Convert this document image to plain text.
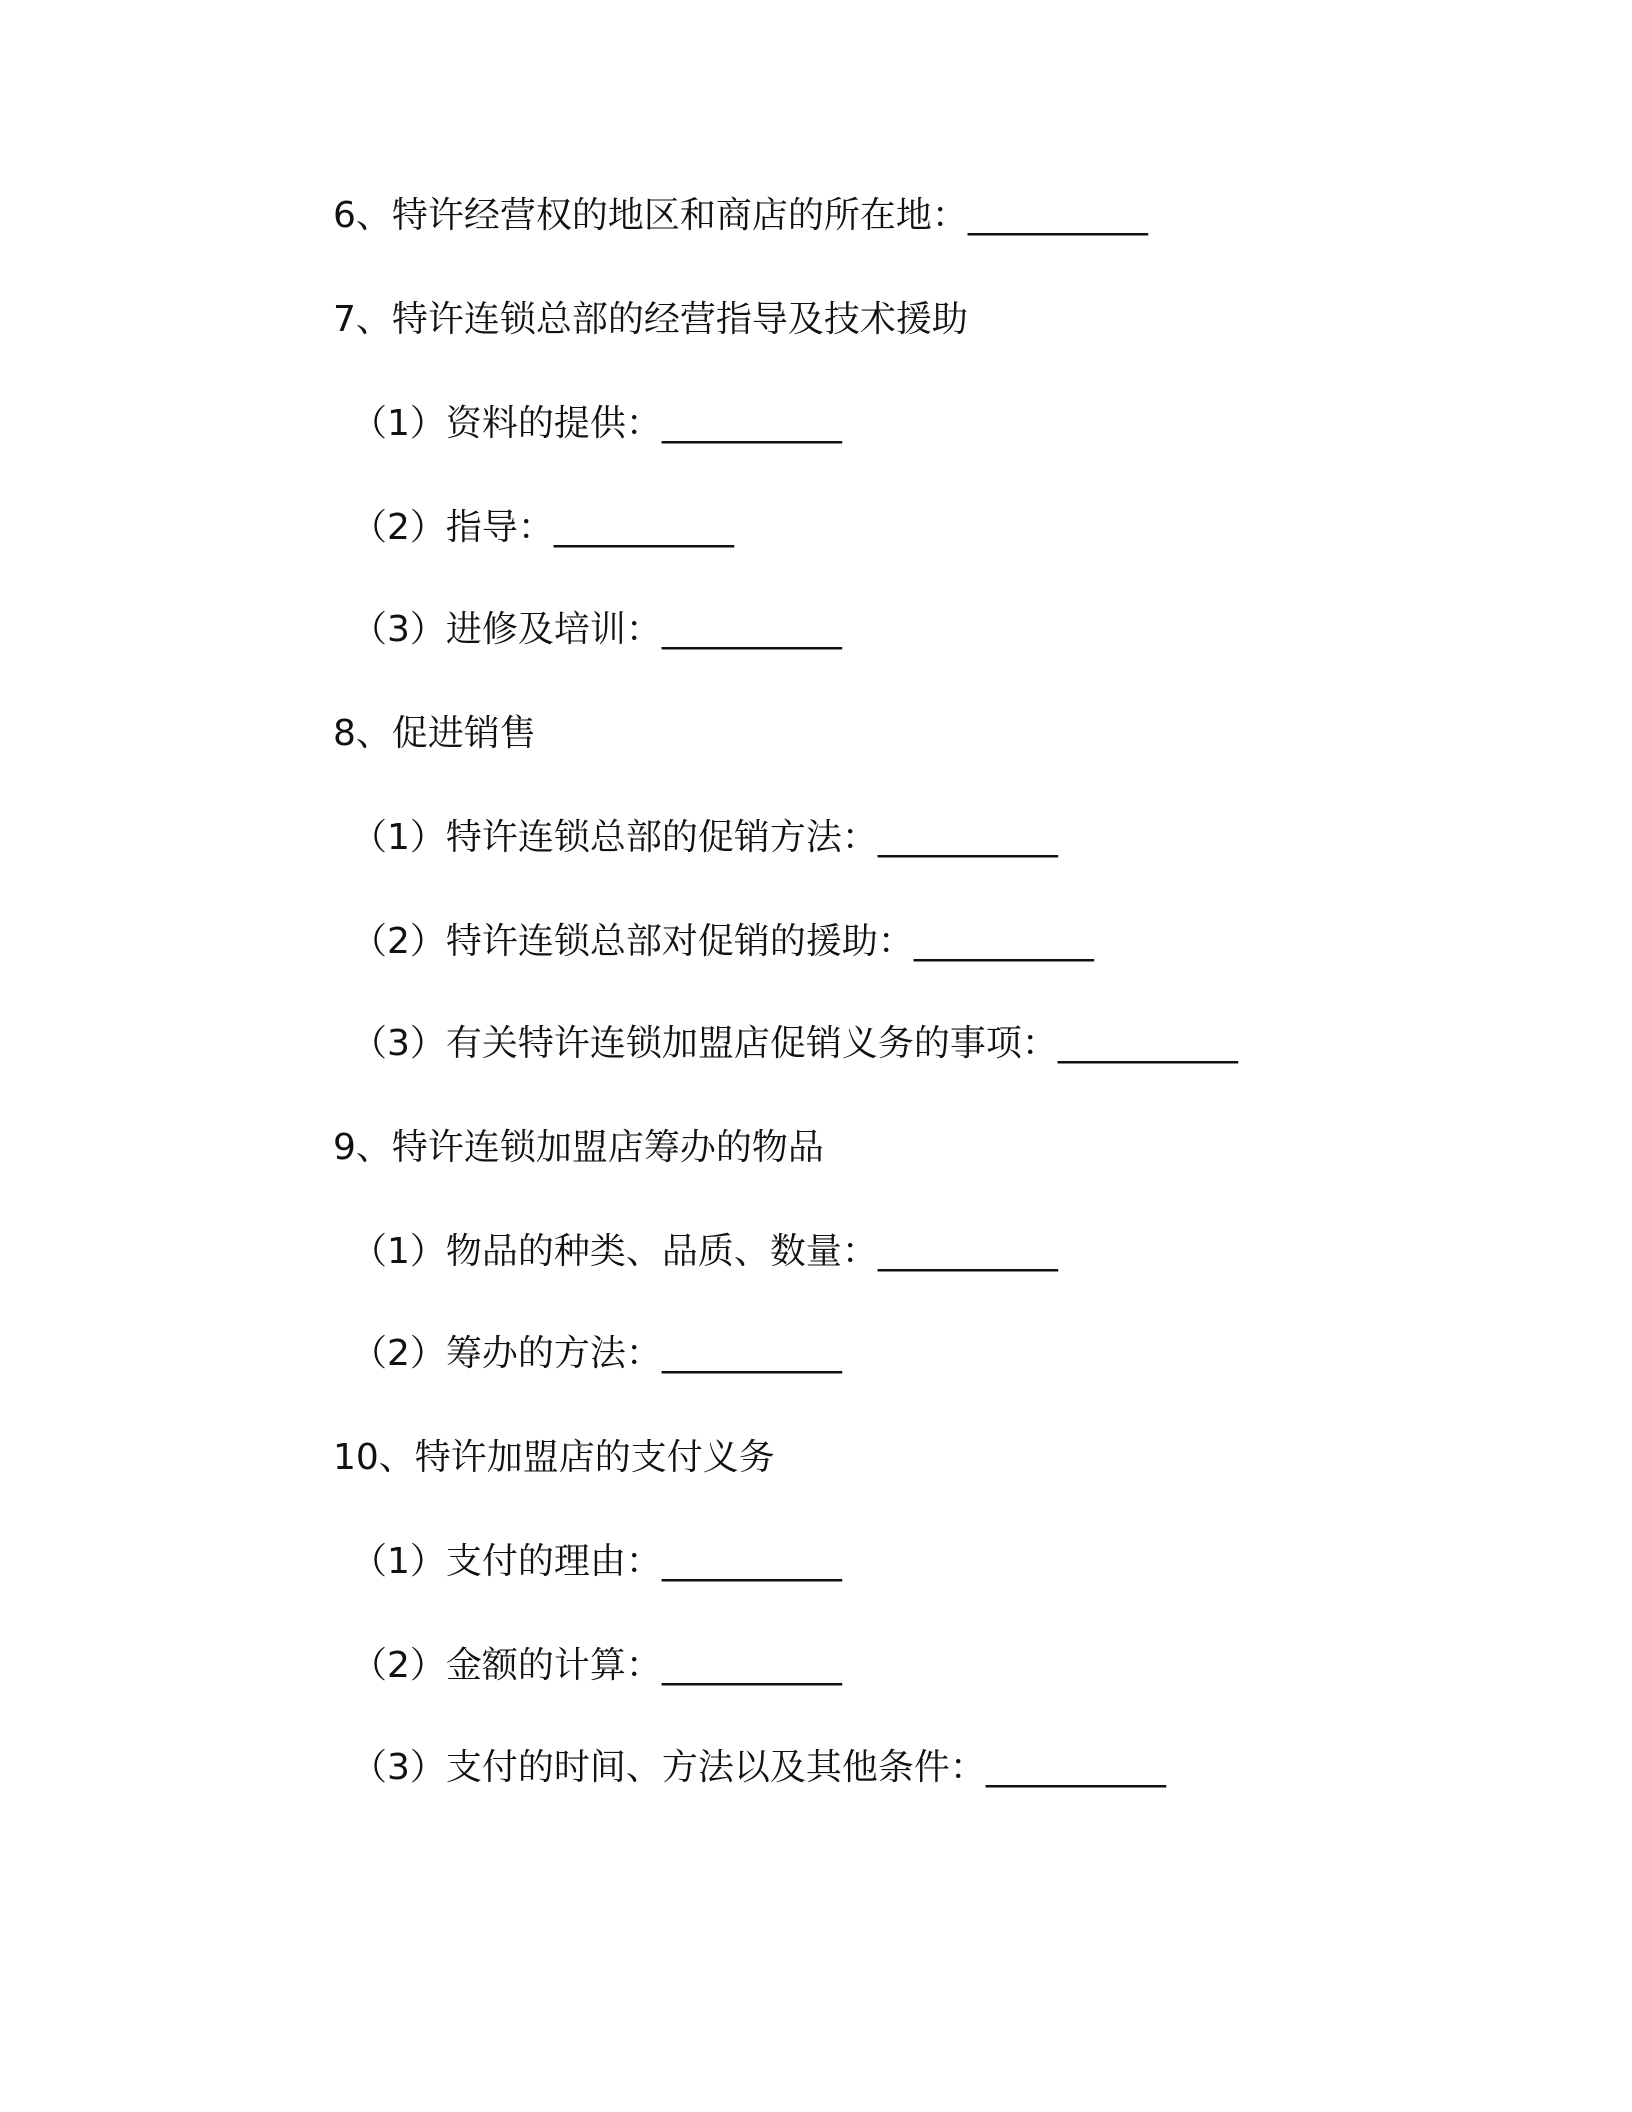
6、特许经营权的地区和商店的所在地：__________
7、特许连锁总部的经营指导及技术援助
（1）资料的提供：__________
（2）指导：__________
（3）进修及培训：__________
8、促进销售
（1）特许连锁总部的促销方法：__________
（2）特许连锁总部对促销的援助：__________
（3）有关特许连锁加盟店促销义务的事项：__________
9、特许连锁加盟店筹办的物品
（1）物品的种类、品质、数量：__________
（2）筹办的方法：__________
10、特许加盟店的支付义务
（1）支付的理由：__________
（2）金额的计算：__________
（3）支付的时间、方法以及其他条件：__________
